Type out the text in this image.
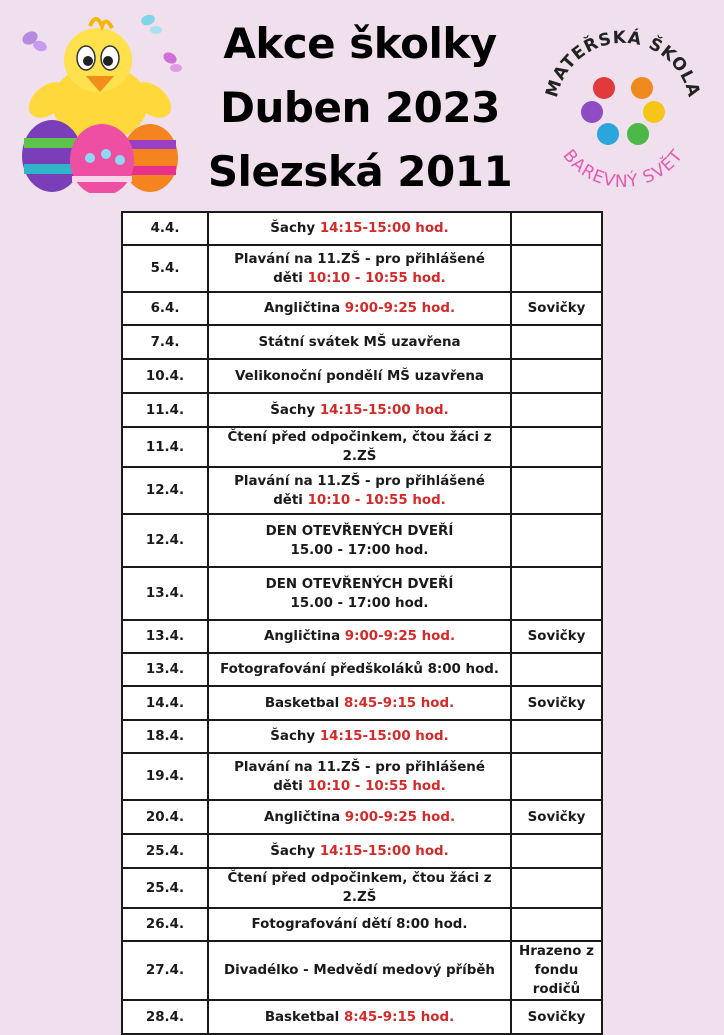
Akce školky
Duben 2023
Slezská 2011
MATEŘSKÁ ŠKOLA
BAREVNÝ SVĚT
4.4.	Šachy 14:15-15:00 hod.	
5.4.	Plavání na 11.ZŠ - pro přihlášené
děti 10:10 - 10:55 hod.	
6.4.	Angličtina 9:00-9:25 hod.	Sovičky
7.4.	Státní svátek MŠ uzavřena	
10.4.	Velikonoční pondělí MŠ uzavřena	
11.4.	Šachy 14:15-15:00 hod.	
11.4.	Čtení před odpočinkem, čtou žáci z 2.ZŠ	
12.4.	Plavání na 11.ZŠ - pro přihlášené
děti 10:10 - 10:55 hod.	
12.4.	DEN OTEVŘENÝCH DVEŘÍ
15.00 - 17:00 hod.	
13.4.	DEN OTEVŘENÝCH DVEŘÍ
15.00 - 17:00 hod.	
13.4.	Angličtina 9:00-9:25 hod.	Sovičky
13.4.	Fotografování předškoláků 8:00 hod.	
14.4.	Basketbal 8:45-9:15 hod.	Sovičky
18.4.	Šachy 14:15-15:00 hod.	
19.4.	Plavání na 11.ZŠ - pro přihlášené
děti 10:10 - 10:55 hod.	
20.4.	Angličtina 9:00-9:25 hod.	Sovičky
25.4.	Šachy 14:15-15:00 hod.	
25.4.	Čtení před odpočinkem, čtou žáci z 2.ZŠ	
26.4.	Fotografování dětí 8:00 hod.	
27.4.	Divadélko - Medvědí medový příběh	Hrazeno z
fondu rodičů
28.4.	Basketbal 8:45-9:15 hod.	Sovičky
